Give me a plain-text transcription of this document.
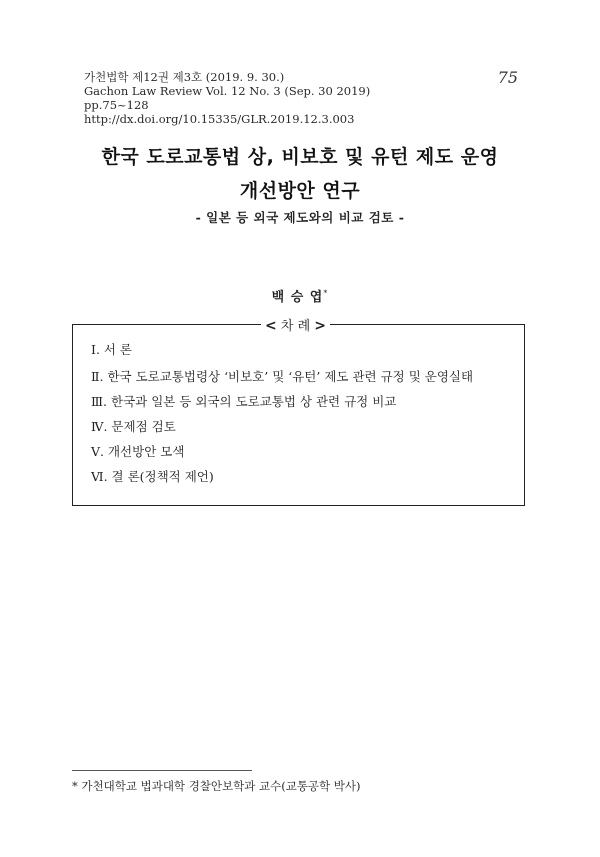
가천법학 제12권 제3호 (2019. 9. 30.)
Gachon Law Review Vol. 12 No. 3 (Sep. 30 2019)
pp.75~128
http://dx.doi.org/10.15335/GLR.2019.12.3.003
75
한국 도로교통법 상, 비보호 및 유턴 제도 운영
개선방안 연구
- 일본 등 외국 제도와의 비교 검토 -
백 승 엽*
< 차 례 >
Ⅰ. 서 론
Ⅱ. 한국 도로교통법령상 ‘비보호’ 및 ‘유턴’ 제도 관련 규정 및 운영실태
Ⅲ. 한국과 일본 등 외국의 도로교통법 상 관련 규정 비교
Ⅳ. 문제점 검토
Ⅴ. 개선방안 모색
Ⅵ. 결 론(정책적 제언)
* 가천대학교 법과대학 경찰안보학과 교수(교통공학 박사)
